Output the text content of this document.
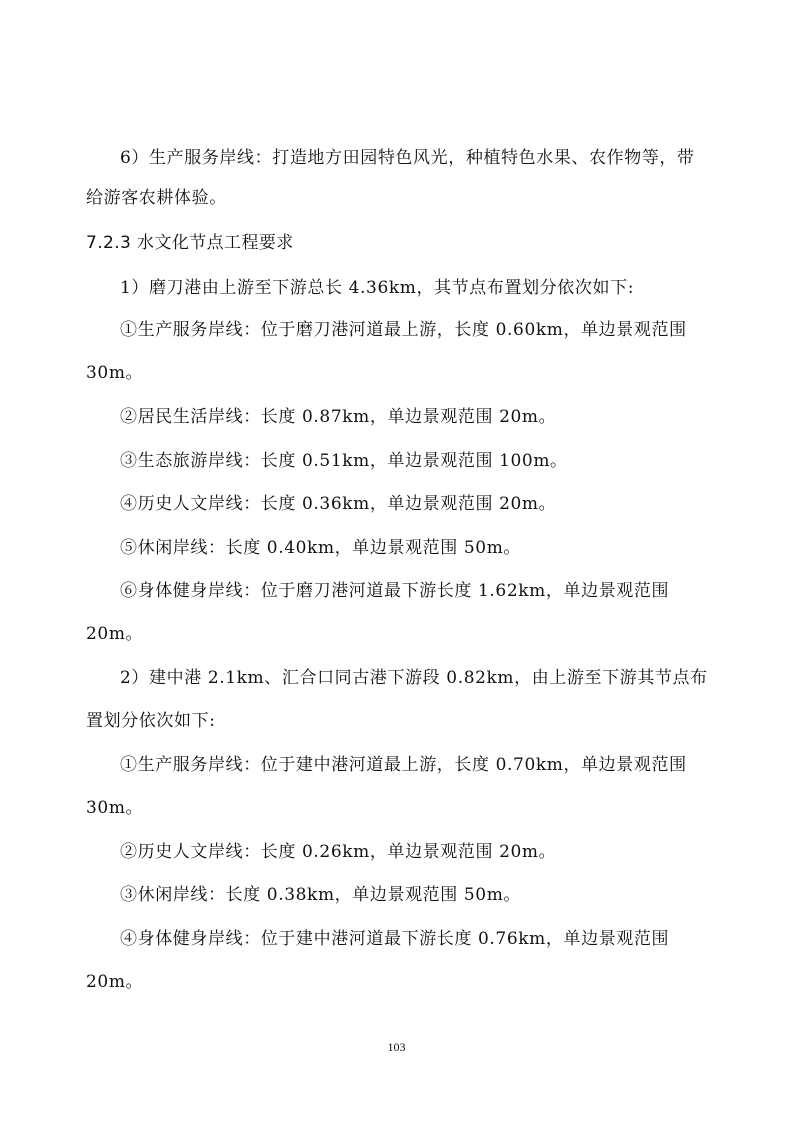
6）生产服务岸线：打造地方田园特色风光，种植特色水果、农作物等，带
给游客农耕体验。
7.2.3 水文化节点工程要求
1）磨刀港由上游至下游总长 4.36km，其节点布置划分依次如下:
①生产服务岸线：位于磨刀港河道最上游，长度 0.60km，单边景观范围
30m。
②居民生活岸线：长度 0.87km，单边景观范围 20m。
③生态旅游岸线：长度 0.51km，单边景观范围 100m。
④历史人文岸线：长度 0.36km，单边景观范围 20m。
⑤休闲岸线：长度 0.40km，单边景观范围 50m。
⑥身体健身岸线：位于磨刀港河道最下游长度 1.62km，单边景观范围
20m。
2）建中港 2.1km、汇合口同古港下游段 0.82km，由上游至下游其节点布
置划分依次如下:
①生产服务岸线：位于建中港河道最上游，长度 0.70km，单边景观范围
30m。
②历史人文岸线：长度 0.26km，单边景观范围 20m。
③休闲岸线：长度 0.38km，单边景观范围 50m。
④身体健身岸线：位于建中港河道最下游长度 0.76km，单边景观范围
20m。
103
